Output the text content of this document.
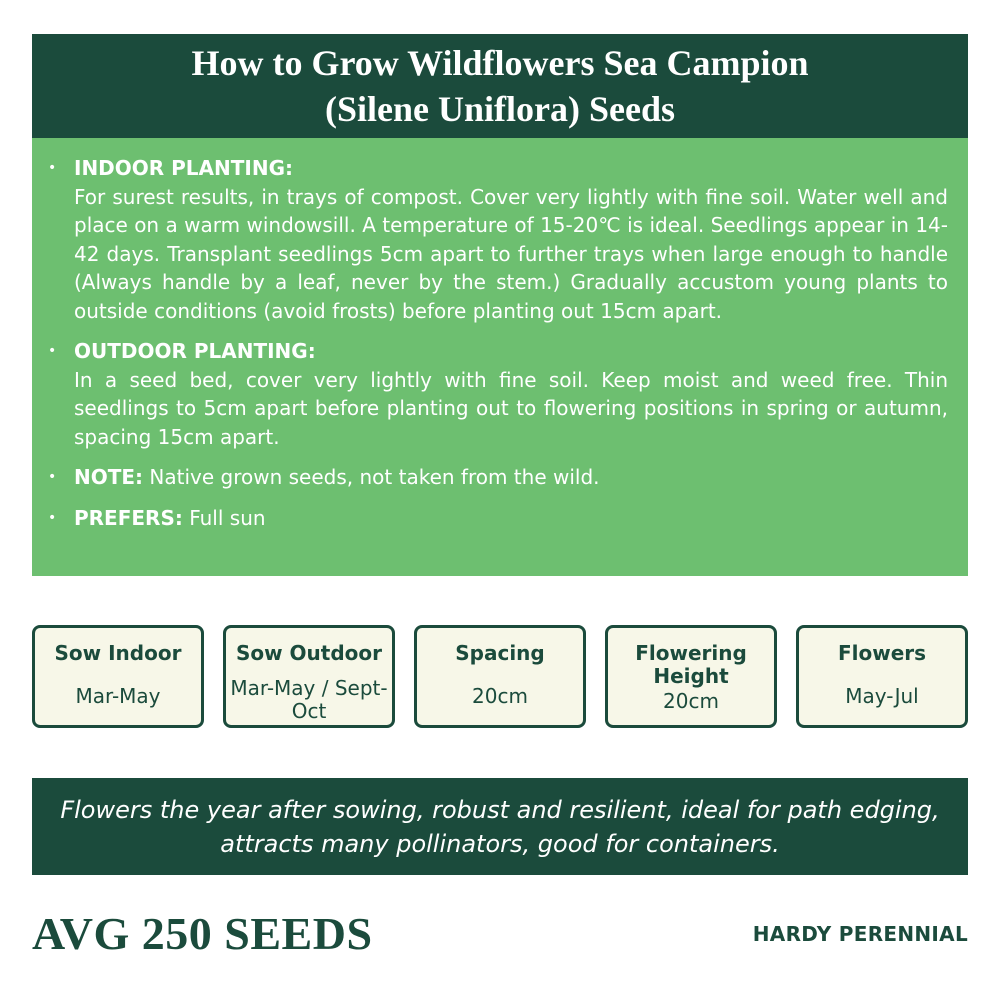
How to Grow Wildflowers Sea Campion (Silene Uniflora) Seeds
• INDOOR PLANTING:
For surest results, in trays of compost. Cover very lightly with fine soil. Water well and place on a warm windowsill. A temperature of 15-20℃ is ideal. Seedlings appear in 14-42 days. Transplant seedlings 5cm apart to further trays when large enough to handle (Always handle by a leaf, never by the stem.) Gradually accustom young plants to outside conditions (avoid frosts) before planting out 15cm apart.
• OUTDOOR PLANTING:
In a seed bed, cover very lightly with fine soil. Keep moist and weed free. Thin seedlings to 5cm apart before planting out to flowering positions in spring or autumn, spacing 15cm apart.
• NOTE: Native grown seeds, not taken from the wild.
• PREFERS: Full sun
Sow Indoor
Mar-May
Sow Outdoor
Mar-May / Sept-Oct
Spacing
20cm
Flowering Height
20cm
Flowers
May-Jul
Flowers the year after sowing, robust and resilient, ideal for path edging, attracts many pollinators, good for containers.
AVG 250 SEEDS	HARDY PERENNIAL
